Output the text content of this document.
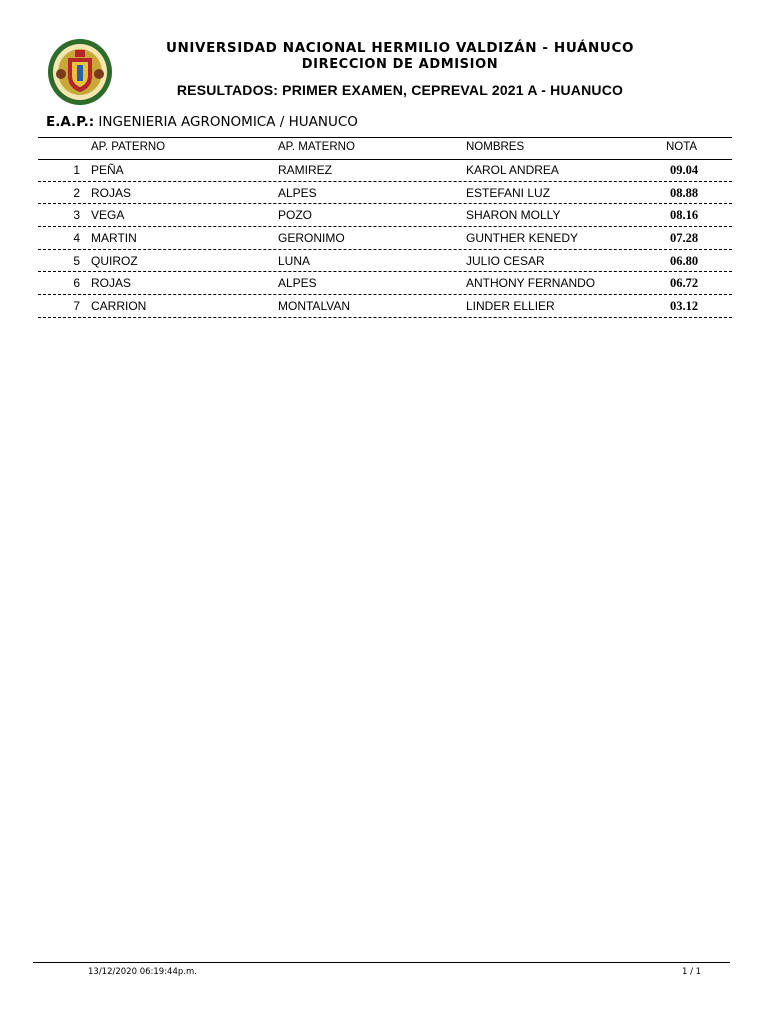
UNIVERSIDAD NACIONAL HERMILIO VALDIZÁN - HUÁNUCO
DIRECCION DE ADMISION
RESULTADOS: PRIMER EXAMEN, CEPREVAL 2021 A - HUANUCO
E.A.P.: INGENIERIA AGRONOMICA / HUANUCO
AP. PATERNO	AP. MATERNO	NOMBRES	NOTA
1 PEÑA	RAMIREZ	KAROL ANDREA	09.04
2 ROJAS	ALPES	ESTEFANI LUZ	08.88
3 VEGA	POZO	SHARON MOLLY	08.16
4 MARTIN	GERONIMO	GUNTHER KENEDY	07.28
5 QUIROZ	LUNA	JULIO CESAR	06.80
6 ROJAS	ALPES	ANTHONY FERNANDO	06.72
7 CARRION	MONTALVAN	LINDER ELLIER	03.12
13/12/2020 06:19:44p.m.	1 / 1
